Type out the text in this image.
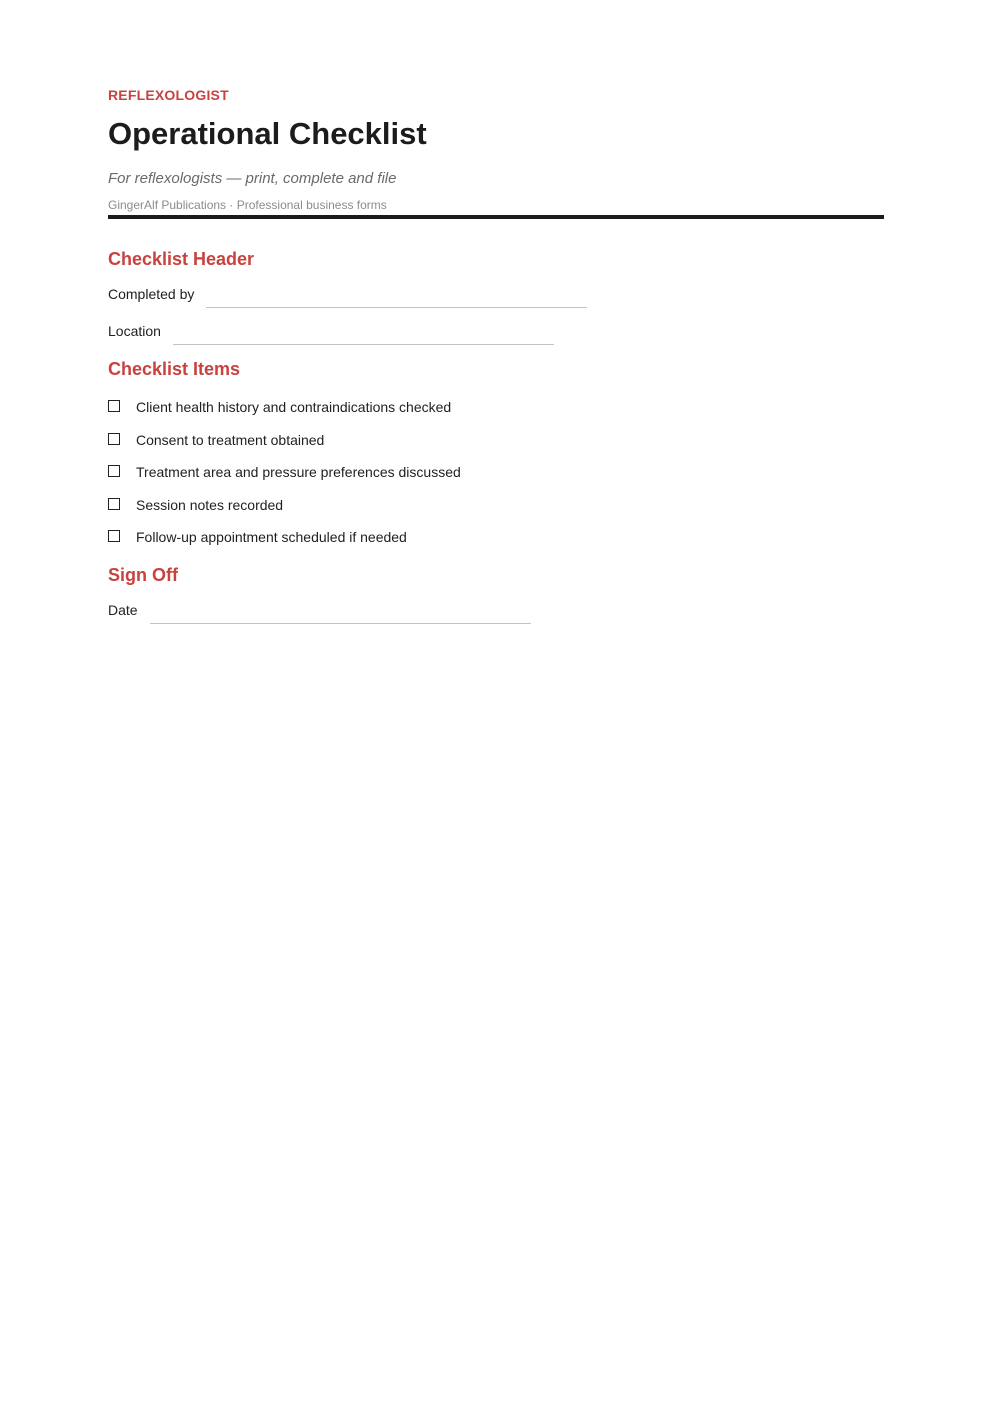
REFLEXOLOGIST
Operational Checklist
For reflexologists — print, complete and file
GingerAlf Publications · Professional business forms
Checklist Header
Completed by
Location
Checklist Items
Client health history and contraindications checked
Consent to treatment obtained
Treatment area and pressure preferences discussed
Session notes recorded
Follow-up appointment scheduled if needed
Sign Off
Date
